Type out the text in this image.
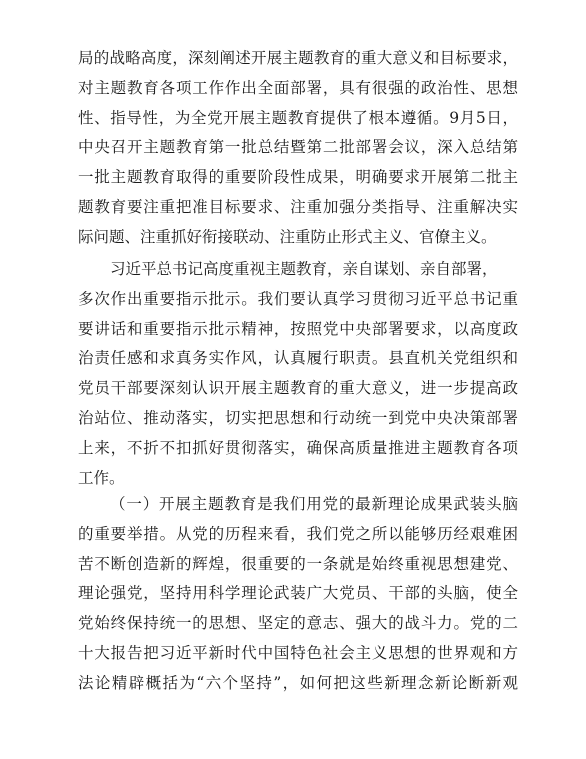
局的战略高度，深刻阐述开展主题教育的重大意义和目标要求，
对主题教育各项工作作出全面部署，具有很强的政治性、思想
性、指导性，为全党开展主题教育提供了根本遵循。9月5日，
中央召开主题教育第一批总结暨第二批部署会议，深入总结第
一批主题教育取得的重要阶段性成果，明确要求开展第二批主
题教育要注重把准目标要求、注重加强分类指导、注重解决实
际问题、注重抓好衔接联动、注重防止形式主义、官僚主义。
习近平总书记高度重视主题教育，亲自谋划、亲自部署，
多次作出重要指示批示。我们要认真学习贯彻习近平总书记重
要讲话和重要指示批示精神，按照党中央部署要求，以高度政
治责任感和求真务实作风，认真履行职责。县直机关党组织和
党员干部要深刻认识开展主题教育的重大意义，进一步提高政
治站位、推动落实，切实把思想和行动统一到党中央决策部署
上来，不折不扣抓好贯彻落实，确保高质量推进主题教育各项
工作。
（一）开展主题教育是我们用党的最新理论成果武装头脑
的重要举措。从党的历程来看，我们党之所以能够历经艰难困
苦不断创造新的辉煌，很重要的一条就是始终重视思想建党、
理论强党，坚持用科学理论武装广大党员、干部的头脑，使全
党始终保持统一的思想、坚定的意志、强大的战斗力。党的二
十大报告把习近平新时代中国特色社会主义思想的世界观和方
法论精辟概括为“六个坚持”，如何把这些新理念新论断新观
